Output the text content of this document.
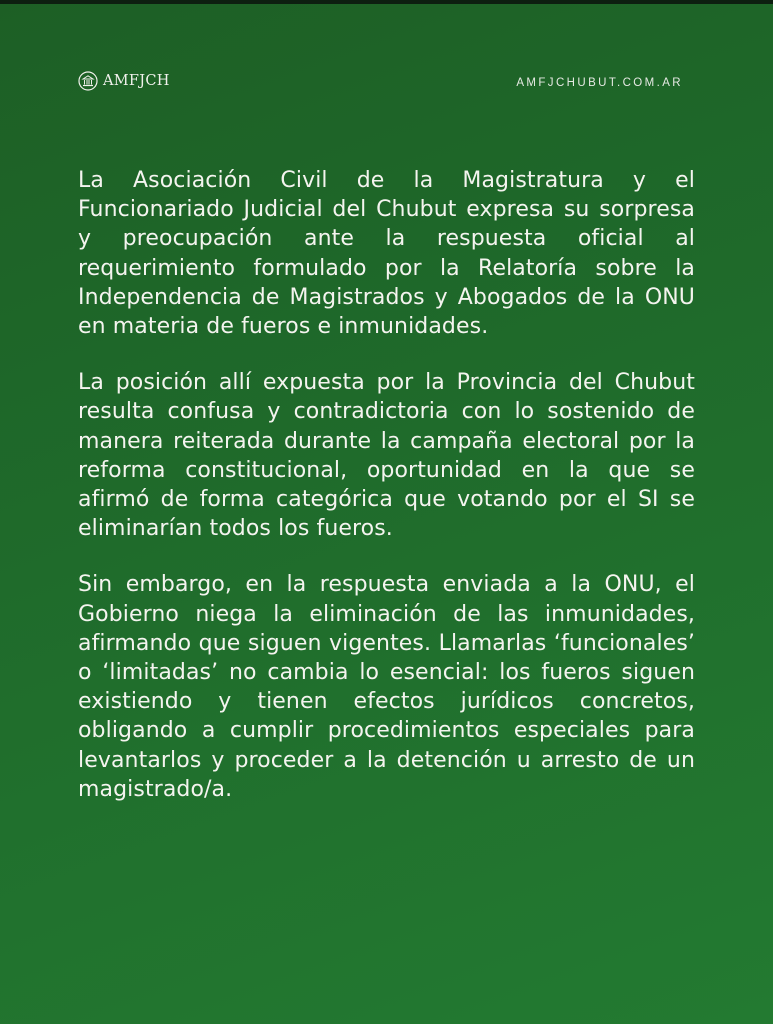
AMFJCH	AMFJCHUBUT.COM.AR

La Asociación Civil de la Magistratura y el Funcionariado Judicial del Chubut expresa su sorpresa y preocupación ante la respuesta oficial al requerimiento formulado por la Relatoría sobre la Independencia de Magistrados y Abogados de la ONU en materia de fueros e inmunidades.

La posición allí expuesta por la Provincia del Chubut resulta confusa y contradictoria con lo sostenido de manera reiterada durante la campaña electoral por la reforma constitucional, oportunidad en la que se afirmó de forma categórica que votando por el SI se eliminarían todos los fueros.

Sin embargo, en la respuesta enviada a la ONU, el Gobierno niega la eliminación de las inmunidades, afirmando que siguen vigentes. Llamarlas ‘funcionales’ o ‘limitadas’ no cambia lo esencial: los fueros siguen existiendo y tienen efectos jurídicos concretos, obligando a cumplir procedimientos especiales para levantarlos y proceder a la detención u arresto de un magistrado/a.
